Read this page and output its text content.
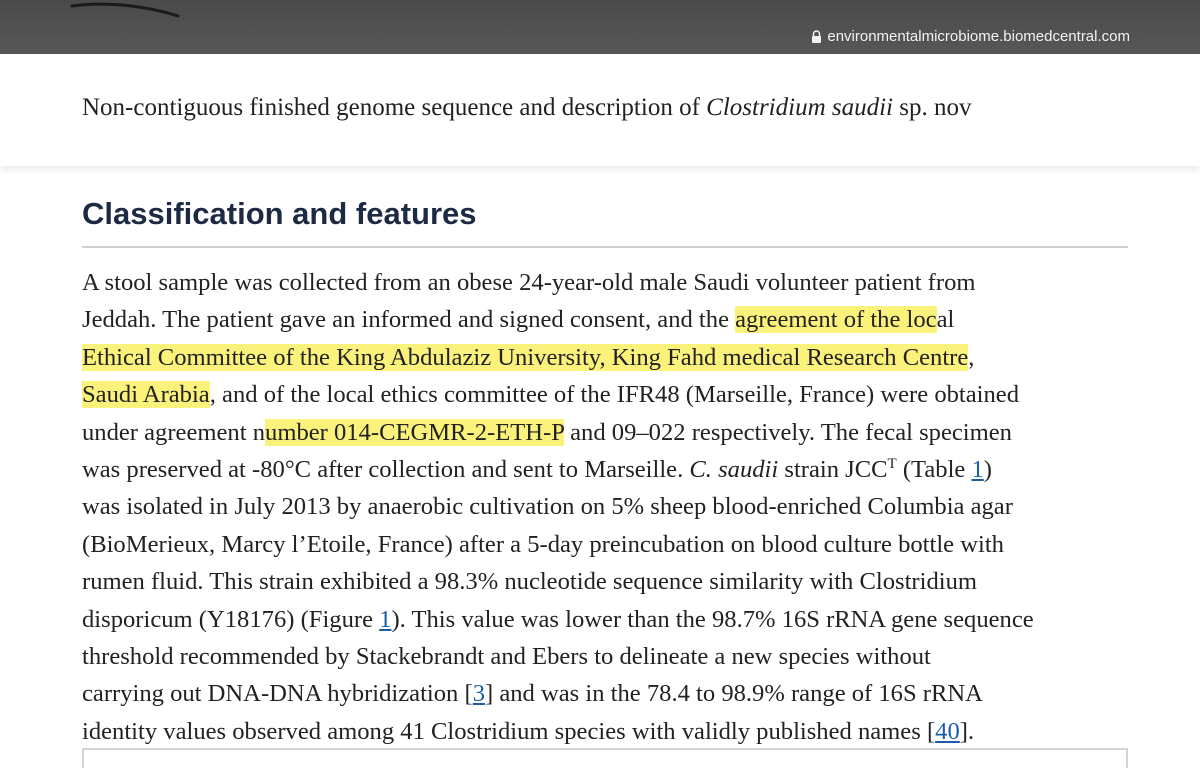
environmentalmicrobiome.biomedcentral.com
Non-contiguous finished genome sequence and description of Clostridium saudii sp. nov
Classification and features
A stool sample was collected from an obese 24-year-old male Saudi volunteer patient from
Jeddah. The patient gave an informed and signed consent, and the agreement of the local
Ethical Committee of the King Abdulaziz University, King Fahd medical Research Centre,
Saudi Arabia, and of the local ethics committee of the IFR48 (Marseille, France) were obtained
under agreement number 014-CEGMR-2-ETH-P and 09–022 respectively. The fecal specimen
was preserved at -80°C after collection and sent to Marseille. C. saudii strain $JCC^T$ (Table 1)
was isolated in July 2013 by anaerobic cultivation on 5% sheep blood-enriched Columbia agar
(BioMerieux, Marcy l’Etoile, France) after a 5-day preincubation on blood culture bottle with
rumen fluid. This strain exhibited a 98.3% nucleotide sequence similarity with Clostridium
disporicum (Y18176) (Figure 1). This value was lower than the 98.7% 16S rRNA gene sequence
threshold recommended by Stackebrandt and Ebers to delineate a new species without
carrying out DNA-DNA hybridization [3] and was in the 78.4 to 98.9% range of 16S rRNA
identity values observed among 41 Clostridium species with validly published names [40].
